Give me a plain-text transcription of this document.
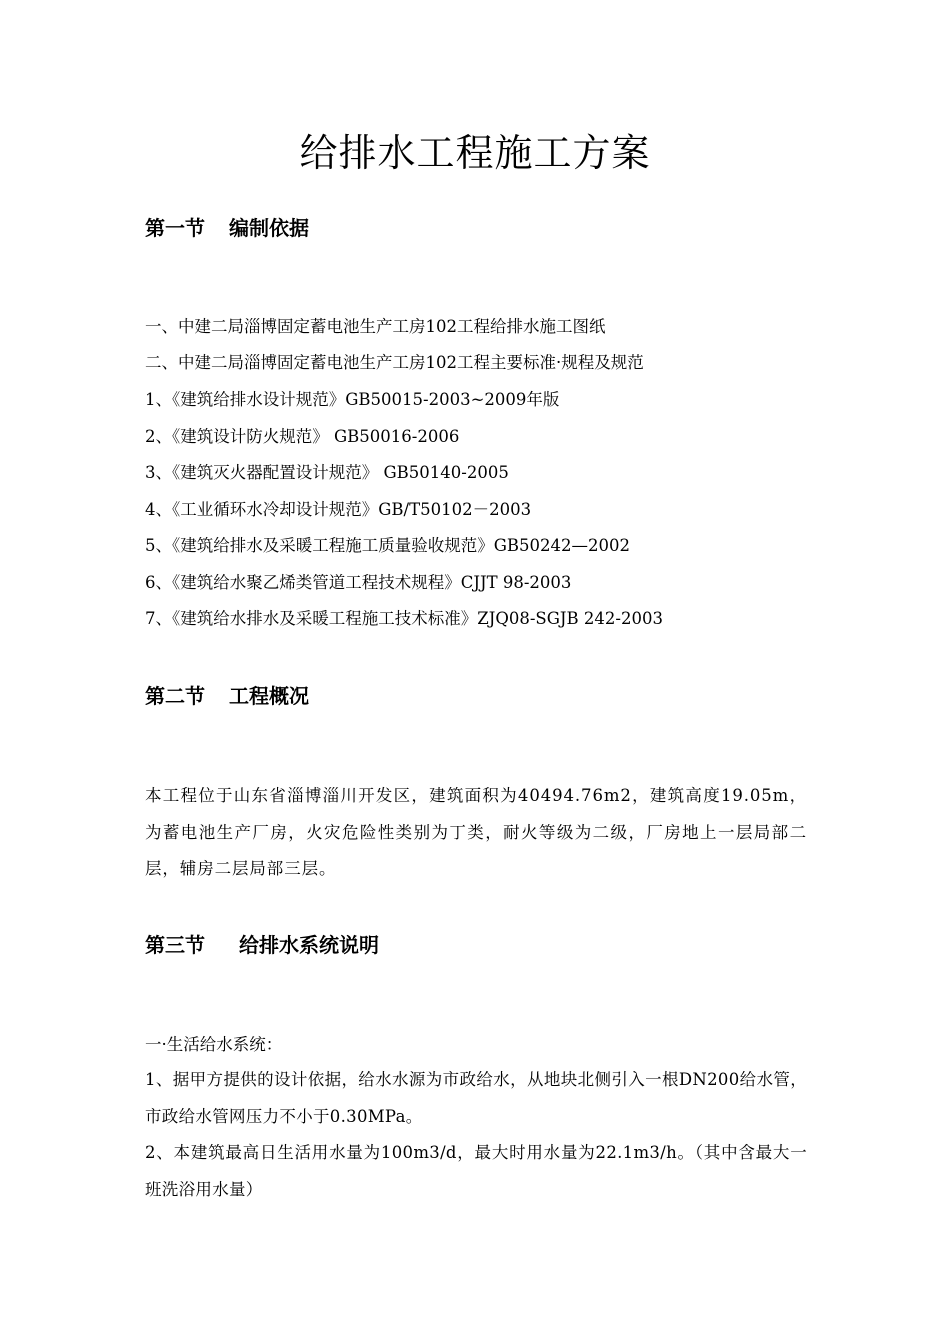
给排水工程施工方案
第一节 编制依据

一、中建二局淄博固定蓄电池生产工房102工程给排水施工图纸

二、中建二局淄博固定蓄电池生产工房102工程主要标准·规程及规范

1、《建筑给排水设计规范》GB50015-2003~2009年版

2、《建筑设计防火规范》 GB50016-2006

3、《建筑灭火器配置设计规范》 GB50140-2005

4、《工业循环水冷却设计规范》GB/T50102－2003

5、《建筑给排水及采暖工程施工质量验收规范》GB50242—2002

6、《建筑给水聚乙烯类管道工程技术规程》CJJT 98-2003

7、《建筑给水排水及采暖工程施工技术标准》ZJQ08-SGJB 242-2003

第二节 工程概况

本工程位于山东省淄博淄川开发区，建筑面积为40494.76m2，建筑高度19.05m，为蓄电池生产厂房，火灾危险性类别为丁类，耐火等级为二级，厂房地上一层局部二层，辅房二层局部三层。

第三节 给排水系统说明

一·生活给水系统：

1、据甲方提供的设计依据，给水水源为市政给水，从地块北侧引入一根DN200给水管，市政给水管网压力不小于0.30MPa。

2、本建筑最高日生活用水量为100m3/d，最大时用水量为22.1m3/h。（其中含最大一班洗浴用水量）
